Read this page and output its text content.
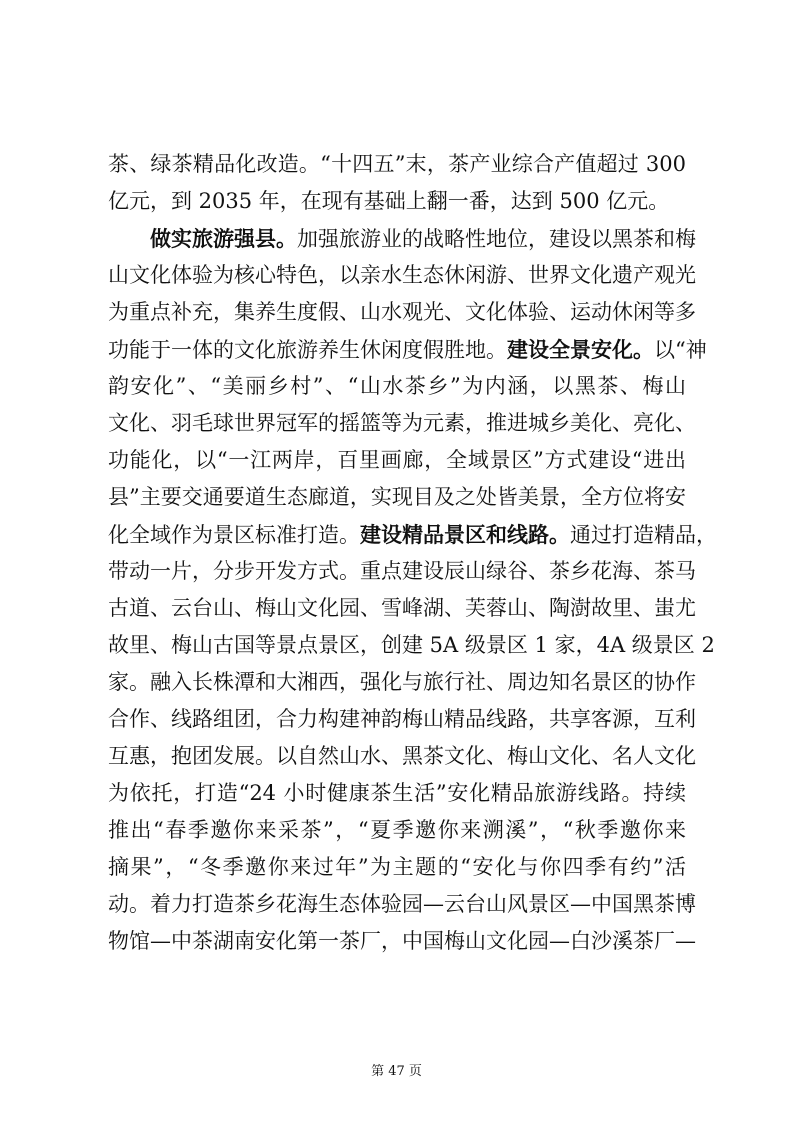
茶、绿茶精品化改造。“十四五”末，茶产业综合产值超过 300
亿元，到 2035 年，在现有基础上翻一番，达到 500 亿元。
做实旅游强县。加强旅游业的战略性地位，建设以黑茶和梅
山文化体验为核心特色，以亲水生态休闲游、世界文化遗产观光
为重点补充，集养生度假、山水观光、文化体验、运动休闲等多
功能于一体的文化旅游养生休闲度假胜地。建设全景安化。以“神
韵安化”、“美丽乡村”、“山水茶乡”为内涵，以黑茶、梅山
文化、羽毛球世界冠军的摇篮等为元素，推进城乡美化、亮化、
功能化，以“一江两岸，百里画廊，全域景区”方式建设“进出
县”主要交通要道生态廊道，实现目及之处皆美景，全方位将安
化全域作为景区标准打造。建设精品景区和线路。通过打造精品，
带动一片，分步开发方式。重点建设辰山绿谷、茶乡花海、茶马
古道、云台山、梅山文化园、雪峰湖、芙蓉山、陶澍故里、蚩尤
故里、梅山古国等景点景区，创建 5A 级景区 1 家，4A 级景区 2
家。融入长株潭和大湘西，强化与旅行社、周边知名景区的协作
合作、线路组团，合力构建神韵梅山精品线路，共享客源，互利
互惠，抱团发展。以自然山水、黑茶文化、梅山文化、名人文化
为依托，打造“24 小时健康茶生活”安化精品旅游线路。持续
推出“春季邀你来采茶”，“夏季邀你来溯溪”，“秋季邀你来
摘果”，“冬季邀你来过年”为主题的“安化与你四季有约”活
动。着力打造茶乡花海生态体验园—云台山风景区—中国黑茶博
物馆—中茶湖南安化第一茶厂，中国梅山文化园—白沙溪茶厂—
第 47 页
